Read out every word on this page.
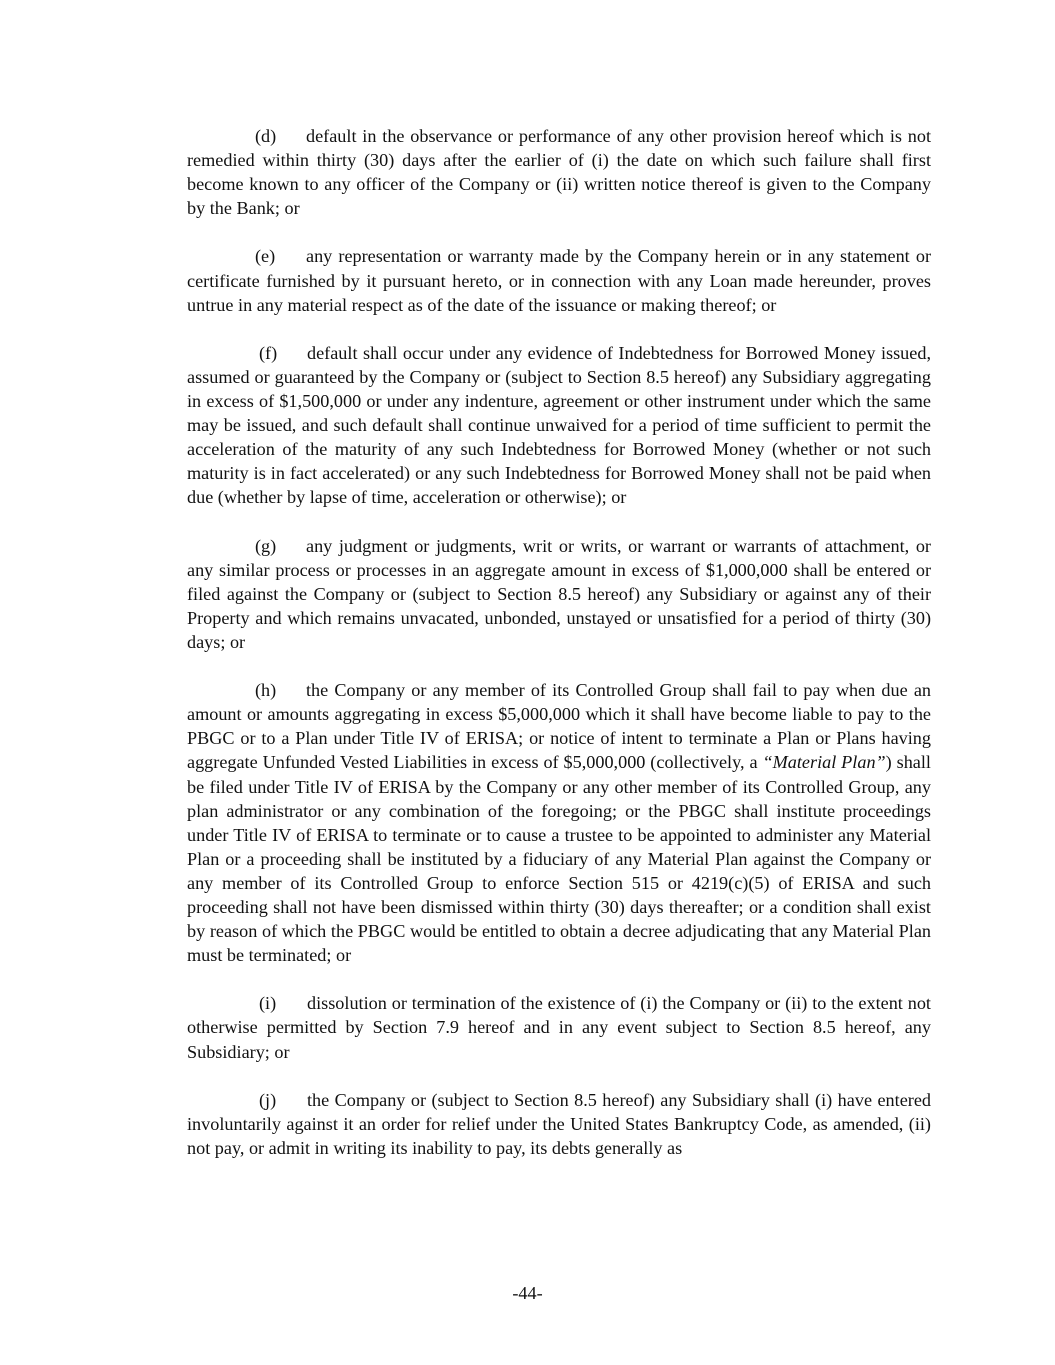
(d) default in the observance or performance of any other provision hereof which is not remedied within thirty (30) days after the earlier of (i) the date on which such failure shall first become known to any officer of the Company or (ii) written notice thereof is given to the Company by the Bank; or

(e) any representation or warranty made by the Company herein or in any statement or certificate furnished by it pursuant hereto, or in connection with any Loan made hereunder, proves untrue in any material respect as of the date of the issuance or making thereof; or

(f) default shall occur under any evidence of Indebtedness for Borrowed Money issued, assumed or guaranteed by the Company or (subject to Section 8.5 hereof) any Subsidiary aggregating in excess of $1,500,000 or under any indenture, agreement or other instrument under which the same may be issued, and such default shall continue unwaived for a period of time sufficient to permit the acceleration of the maturity of any such Indebtedness for Borrowed Money (whether or not such maturity is in fact accelerated) or any such Indebtedness for Borrowed Money shall not be paid when due (whether by lapse of time, acceleration or otherwise); or

(g) any judgment or judgments, writ or writs, or warrant or warrants of attachment, or any similar process or processes in an aggregate amount in excess of $1,000,000 shall be entered or filed against the Company or (subject to Section 8.5 hereof) any Subsidiary or against any of their Property and which remains unvacated, unbonded, unstayed or unsatisfied for a period of thirty (30) days; or

(h) the Company or any member of its Controlled Group shall fail to pay when due an amount or amounts aggregating in excess $5,000,000 which it shall have become liable to pay to the PBGC or to a Plan under Title IV of ERISA; or notice of intent to terminate a Plan or Plans having aggregate Unfunded Vested Liabilities in excess of $5,000,000 (collectively, a “Material Plan”) shall be filed under Title IV of ERISA by the Company or any other member of its Controlled Group, any plan administrator or any combination of the foregoing; or the PBGC shall institute proceedings under Title IV of ERISA to terminate or to cause a trustee to be appointed to administer any Material Plan or a proceeding shall be instituted by a fiduciary of any Material Plan against the Company or any member of its Controlled Group to enforce Section 515 or 4219(c)(5) of ERISA and such proceeding shall not have been dismissed within thirty (30) days thereafter; or a condition shall exist by reason of which the PBGC would be entitled to obtain a decree adjudicating that any Material Plan must be terminated; or

(i) dissolution or termination of the existence of (i) the Company or (ii) to the extent not otherwise permitted by Section 7.9 hereof and in any event subject to Section 8.5 hereof, any Subsidiary; or

(j) the Company or (subject to Section 8.5 hereof) any Subsidiary shall (i) have entered involuntarily against it an order for relief under the United States Bankruptcy Code, as amended, (ii) not pay, or admit in writing its inability to pay, its debts generally as

-44-
